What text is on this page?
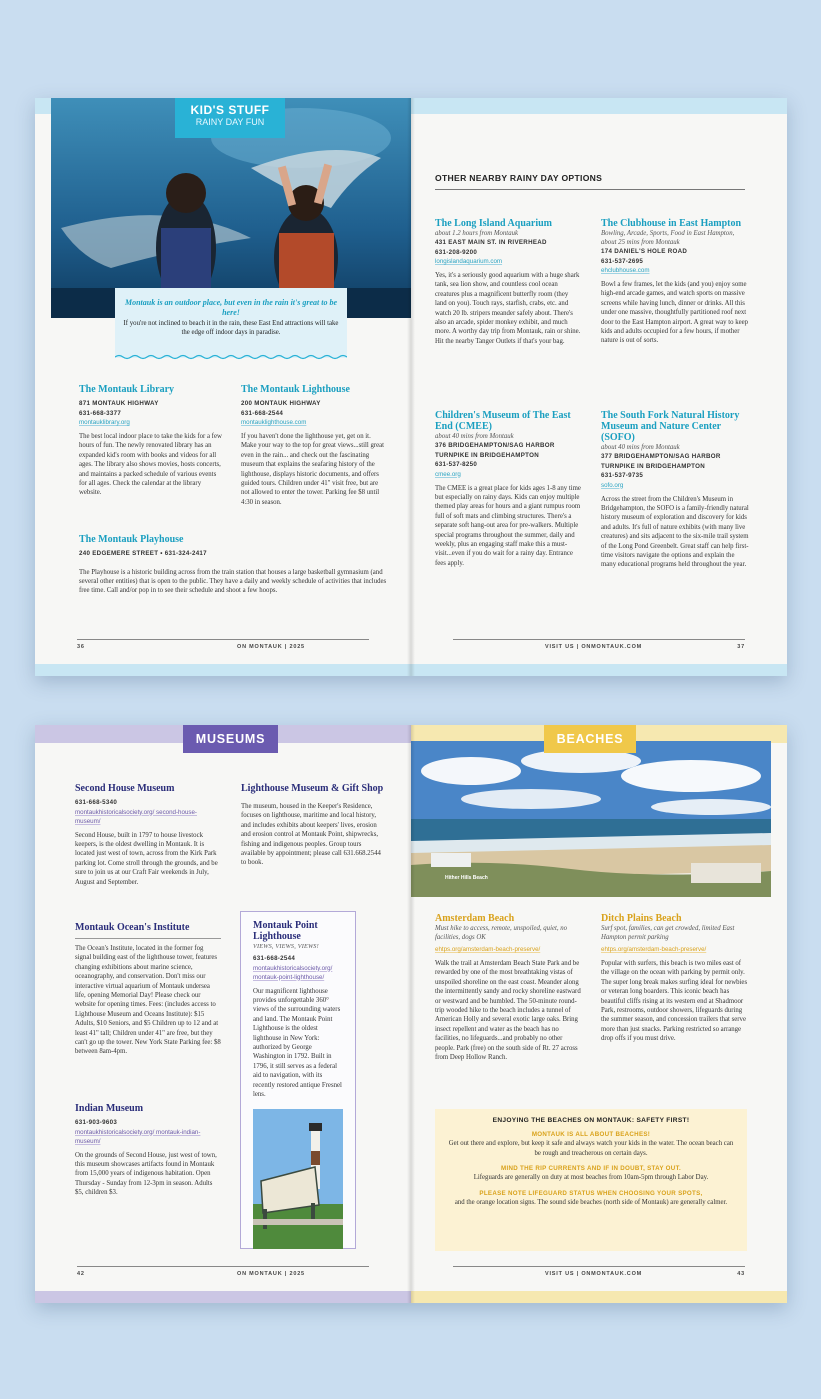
KID'S STUFF
RAINY DAY FUN
Montauk is an outdoor place, but even in the rain it's great to be here!
If you're not inclined to beach it in the rain, these East End attractions will take the edge off indoor days in paradise.
The Montauk Library
871 MONTAUK HIGHWAY
631-668-3377
montauklibrary.org
The best local indoor place to take the kids for a few hours of fun. The newly renovated library has an expanded kid's room with books and videos for all ages. The library also shows movies, hosts concerts, and maintains a packed schedule of various events for all ages. Check the calendar at the library website.
The Montauk Lighthouse
200 MONTAUK HIGHWAY
631-668-2544
montauklighthouse.com
If you haven't done the lighthouse yet, get on it. Make your way to the top for great views...still great even in the rain... and check out the fascinating museum that explains the seafaring history of the lighthouse, displays historic documents, and offers guided tours. Children under 41" visit free, but are not allowed to enter the tower. Parking fee $8 until 4:30 in season.
The Montauk Playhouse
240 EDGEMERE STREET • 631-324-2417
The Playhouse is a historic building across from the train station that houses a large basketball gymnasium (and several other entities) that is open to the public. They have a daily and weekly schedule of activities that includes free time. Call and/or pop in to see their schedule and shoot a few hoops.
36	ON MONTAUK | 2025
OTHER NEARBY RAINY DAY OPTIONS
The Long Island Aquarium
about 1.2 hours from Montauk
431 EAST MAIN ST. IN RIVERHEAD
631-208-9200
longislandaquarium.com
Yes, it's a seriously good aquarium with a huge shark tank, sea lion show, and countless cool ocean creatures plus a magnificent butterfly room (they land on you). Touch rays, starfish, crabs, etc. and watch 20 lb. stripers meander safely about. There's also an arcade, spider monkey exhibit, and much more. A worthy day trip from Montauk, rain or shine. Hit the nearby Tanger Outlets if that's your bag.
The Clubhouse in East Hampton
Bowling, Arcade, Sports, Food in East Hampton, about 25 mins from Montauk
174 DANIEL'S HOLE ROAD
631-537-2695
ehclubhouse.com
Bowl a few frames, let the kids (and you) enjoy some high-end arcade games, and watch sports on massive screens while having lunch, dinner or drinks. All this under one massive, thoughtfully partitioned roof next door to the East Hampton airport. A great way to keep kids and adults occupied for a few hours, if mother nature is out of sorts.
Children's Museum of The East End (CMEE)
about 40 mins from Montauk
376 BRIDGEHAMPTON/SAG HARBOR TURNPIKE IN BRIDGEHAMPTON
631-537-8250
cmee.org
The CMEE is a great place for kids ages 1-8 any time but especially on rainy days. Kids can enjoy multiple themed play areas for hours and a giant rumpus room full of soft mats and climbing structures. There's a separate soft hang-out area for pre-walkers. Multiple special programs throughout the summer, daily and weekly, plus an engaging staff make this a must-visit...even if you do wait for a rainy day. Entrance fees apply.
The South Fork Natural History Museum and Nature Center (SOFO)
about 40 mins from Montauk
377 BRIDGEHAMPTON/SAG HARBOR TURNPIKE IN BRIDGEHAMPTON
631-537-9735
sofo.org
Across the street from the Children's Museum in Bridgehampton, the SOFO is a family-friendly natural history museum of exploration and discovery for kids and adults. It's full of nature exhibits (with many live creatures) and sits adjacent to the six-mile trail system of the Long Pond Greenbelt. Great staff can help first-time visitors navigate the options and explain the many educational programs held throughout the year.
VISIT US | ONMONTAUK.COM	37
MUSEUMS
Second House Museum
631-668-5340
montaukhistoricalsociety.org/ second-house-museum/
Second House, built in 1797 to house livestock keepers, is the oldest dwelling in Montauk. It is located just west of town, across from the Kirk Park parking lot. Come stroll through the grounds, and be sure to join us at our Craft Fair weekends in July, August and September.
Lighthouse Museum & Gift Shop
The museum, housed in the Keeper's Residence, focuses on lighthouse, maritime and local history, and includes exhibits about keepers' lives, erosion and erosion control at Montauk Point, shipwrecks, fishing and indigenous peoples. Group tours available by appointment; please call 631.668.2544 to book.
Montauk Ocean's Institute
The Ocean's Institute, located in the former fog signal building east of the lighthouse tower, features changing exhibitions about marine science, oceanography, and conservation. Don't miss our interactive virtual aquarium of Montauk undersea life, opening Memorial Day! Please check our website for opening times. Fees: (includes access to Lighthouse Museum and Oceans Institute): $15 Adults, $10 Seniors, and $5 Children up to 12 and at least 41" tall; Children under 41" are free, but they can't go up the tower. New York State Parking fee: $8 between 8am-4pm.
Montauk Point Lighthouse
VIEWS, VIEWS, VIEWS!
631-668-2544
montaukhistoricalsociety.org/ montauk-point-lighthouse/
Our magnificent lighthouse provides unforgettable 360° views of the surrounding waters and land. The Montauk Point Lighthouse is the oldest lighthouse in New York: authorized by George Washington in 1792. Built in 1796, it still serves as a federal aid to navigation, with its recently restored antique Fresnel lens.
Indian Museum
631-903-9603
montaukhistoricalsociety.org/ montauk-indian-museum/
On the grounds of Second House, just west of town, this museum showcases artifacts found in Montauk from 15,000 years of indigenous habitation. Open Thursday - Sunday from 12-3pm in season. Adults $5, children $3.
42	ON MONTAUK | 2025
Hither Hills Beach
BEACHES
Amsterdam Beach
Must hike to access, remote, unspoiled, quiet, no facilities, dogs OK
ehtps.org/amsterdam-beach-preserve/
Walk the trail at Amsterdam Beach State Park and be rewarded by one of the most breathtaking vistas of unspoiled shoreline on the east coast. Meander along the intermittently sandy and rocky shoreline eastward or westward and be humbled. The 50-minute round-trip wooded hike to the beach includes a tunnel of American Holly and several exotic large oaks. Bring insect repellent and water as the beach has no facilities, no lifeguards...and probably no other people. Park (free) on the south side of Rt. 27 across from Deep Hollow Ranch.
Ditch Plains Beach
Surf spot, families, can get crowded, limited East Hampton permit parking
ehtps.org/amsterdam-beach-preserve/
Popular with surfers, this beach is two miles east of the village on the ocean with parking by permit only. The super long break makes surfing ideal for newbies or veteran long boarders. This iconic beach has beautiful cliffs rising at its western end at Shadmoor Park, restrooms, outdoor showers, lifeguards during the summer season, and concession trailers that serve more than just snacks. Parking restricted so arrange drop offs if you must drive.
ENJOYING THE BEACHES ON MONTAUK: SAFETY FIRST!
MONTAUK IS ALL ABOUT BEACHES!
Get out there and explore, but keep it safe and always watch your kids in the water. The ocean beach can be rough and treacherous on certain days.
MIND THE RIP CURRENTS AND IF IN DOUBT, STAY OUT.
Lifeguards are generally on duty at most beaches from 10am-5pm through Labor Day.
PLEASE NOTE LIFEGUARD STATUS WHEN CHOOSING YOUR SPOTS,
and the orange location signs. The sound side beaches (north side of Montauk) are generally calmer.
VISIT US | ONMONTAUK.COM	43
